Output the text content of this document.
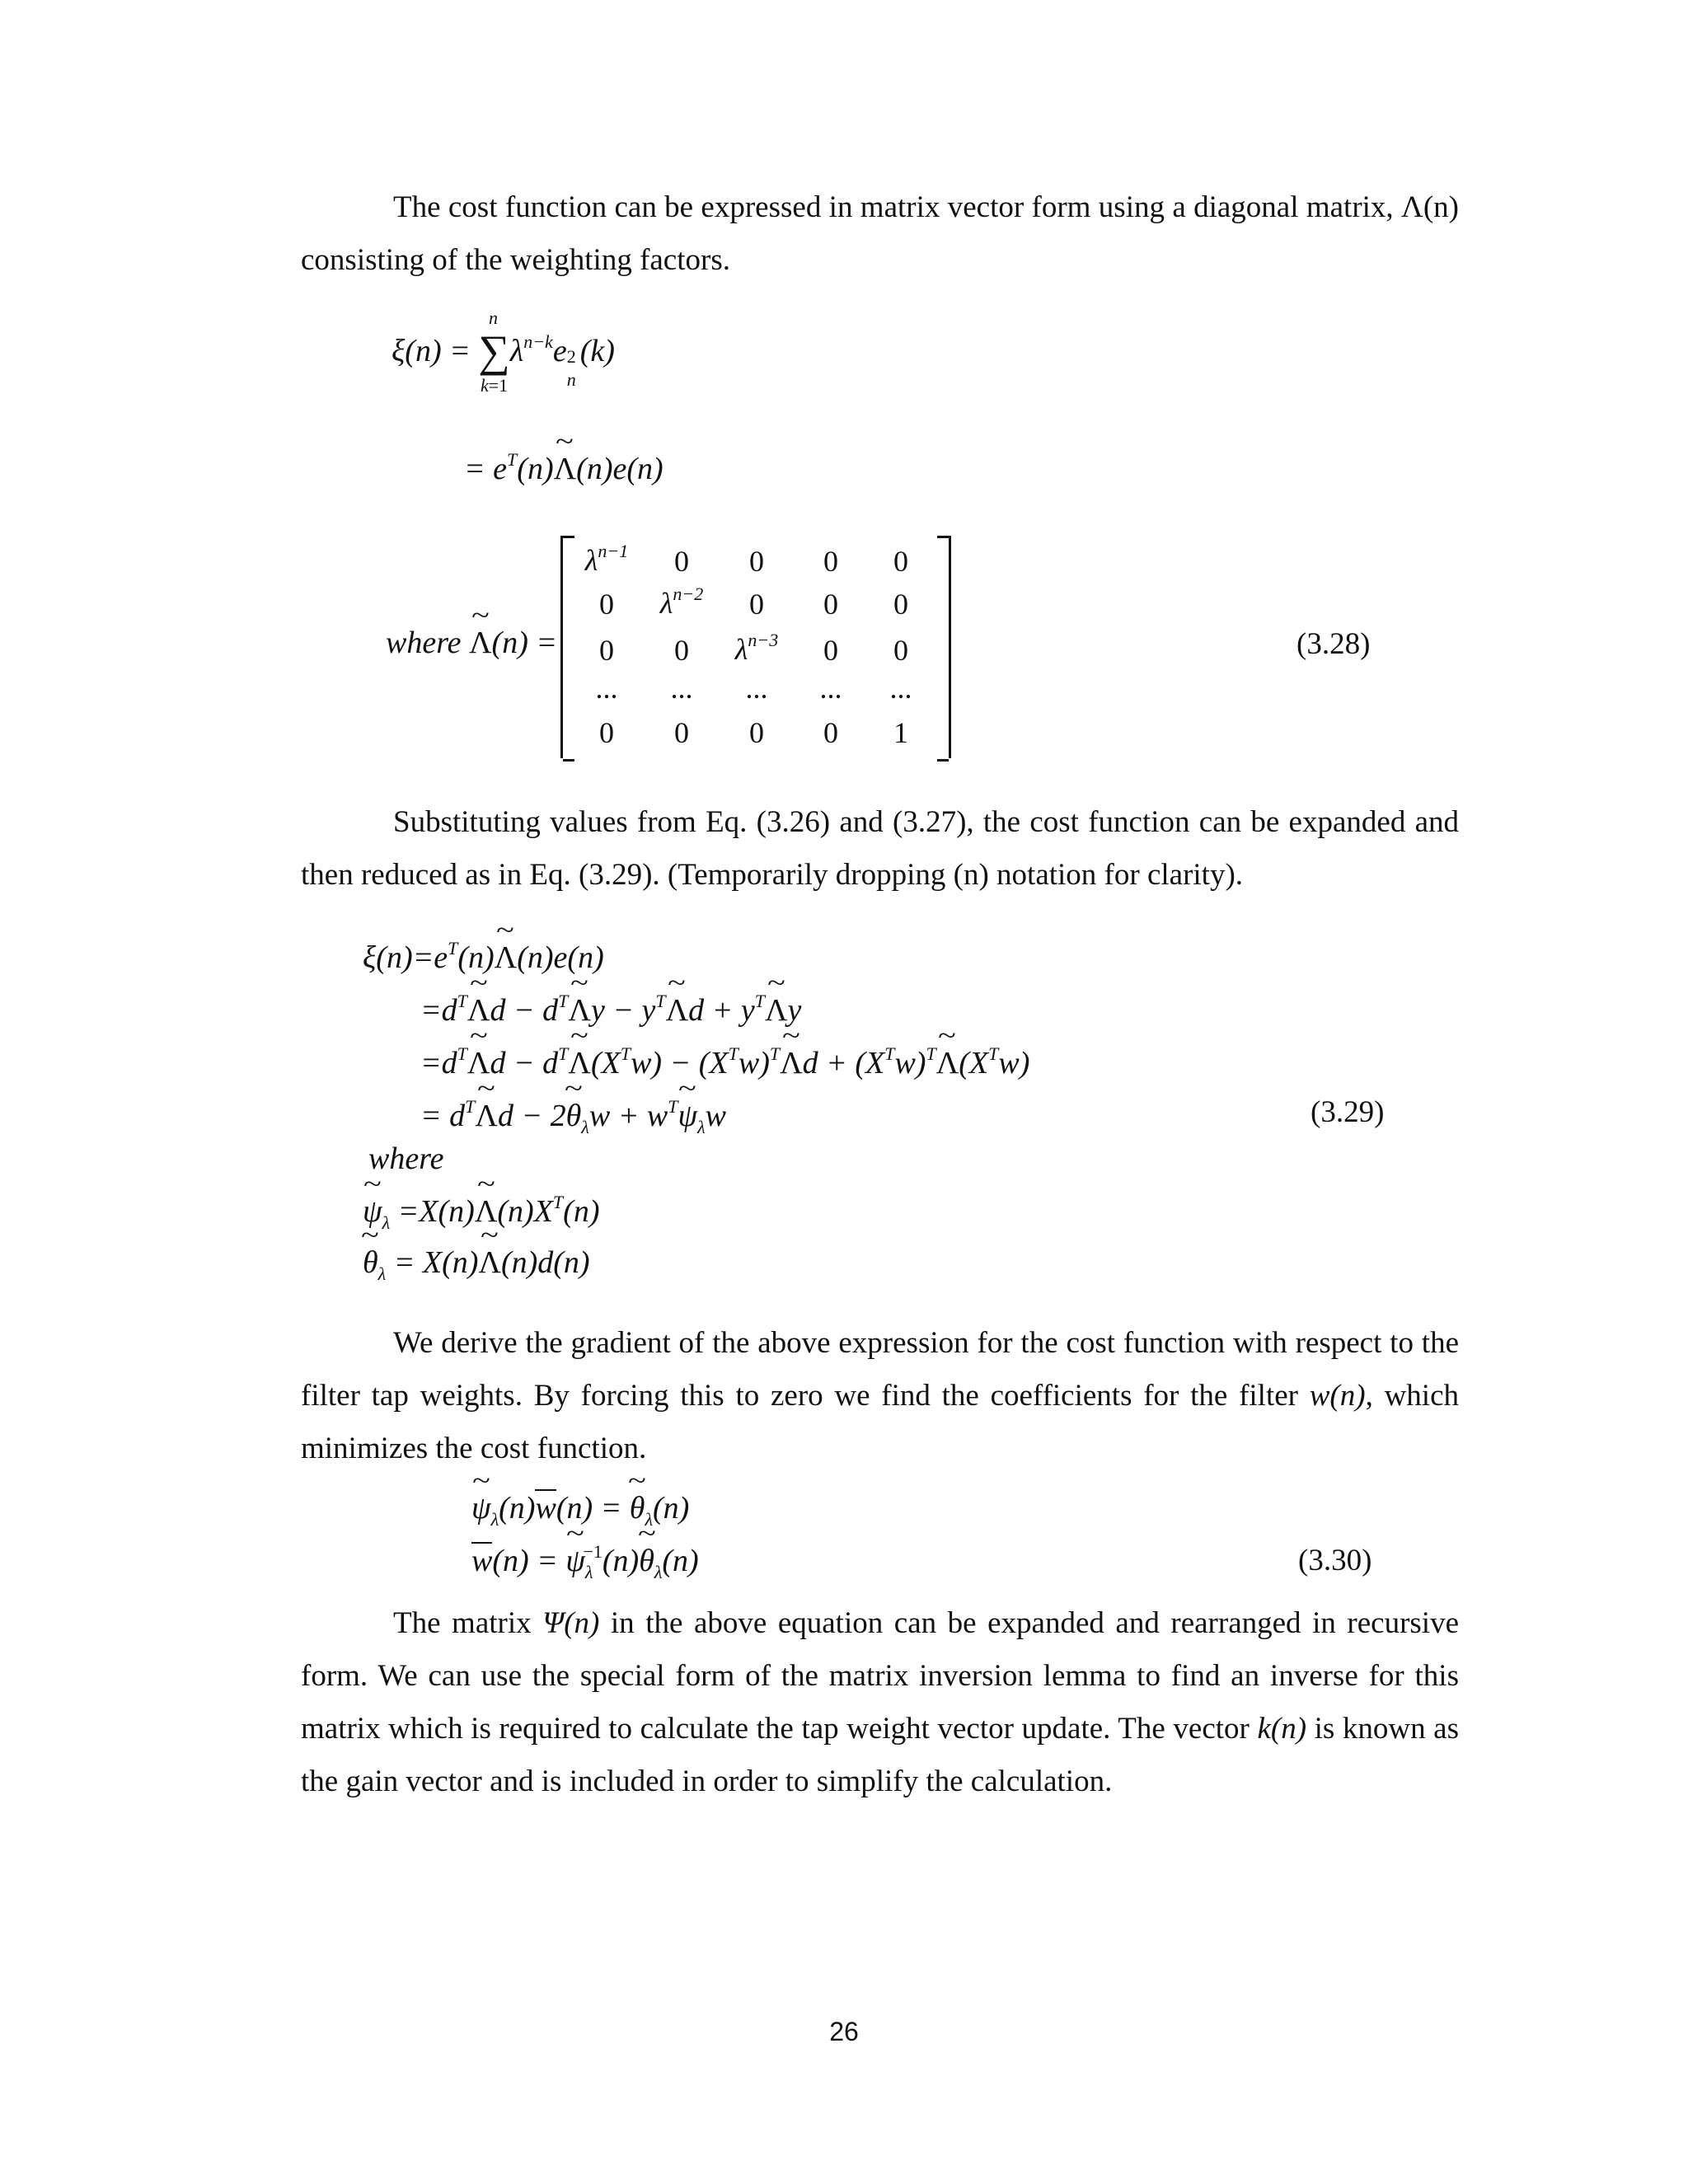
The cost function can be expressed in matrix vector form using a diagonal matrix, Λ(n) consisting of the weighting factors.

ξ(n) = ∑
n
k=1
$\lambda^{n-k}e$ 2
n
(k)
= $e^T(n)\sim$ Λ(n)e(n)
where ~ Λ(n) =
$\lambda^{n-1}$	0	0	0	0
0	$\lambda^{n-2}$	0	0	0
0	0	$\lambda^{n-3}$	0	0
...	...	...	...	...
0	0	0	0	1
(3.28)

Substituting values from Eq. (3.26) and (3.27), the cost function can be expanded and then reduced as in Eq. (3.29). (Temporarily dropping (n) notation for clarity).

$\xi(n)=e^T(n)\sim$ Λ(n)e(n)
$=d^T\sim$ $\Lambda d - d^T\sim$ $\Lambda y - y^T\sim$ $\Lambda d + y^T\sim$ Λy
$=d^T\sim$ $\Lambda d - d^T\sim$ $\Lambda(X^Tw)$ − $(X^Tw)^T\sim$ $\Lambda d + (X^Tw)^T\sim$ $\Lambda(X^Tw)$
= $d^T\sim$ Λd − 2~ $\theta_\lambda w$ + $w^T\sim$ $\psi_\lambda w$	(3.29)
where
~ $\psi_\lambda$ =X(n)~ $\Lambda(n)X^T(n)$
~ $\theta_\lambda$ = X(n)~ Λ(n)d(n)

We derive the gradient of the above expression for the cost function with respect to the filter tap weights. By forcing this to zero we find the coefficients for the filter w(n), which minimizes the cost function.

~ $\psi_\lambda(n)w(n)$ = ~ $\theta_\lambda(n)$
w(n) = ~ $\psi_\lambda^{-1}(n)\sim$ $\theta_\lambda(n)$	(3.30)

The matrix Ψ(n) in the above equation can be expanded and rearranged in recursive form. We can use the special form of the matrix inversion lemma to find an inverse for this matrix which is required to calculate the tap weight vector update. The vector k(n) is known as the gain vector and is included in order to simplify the calculation.

26
